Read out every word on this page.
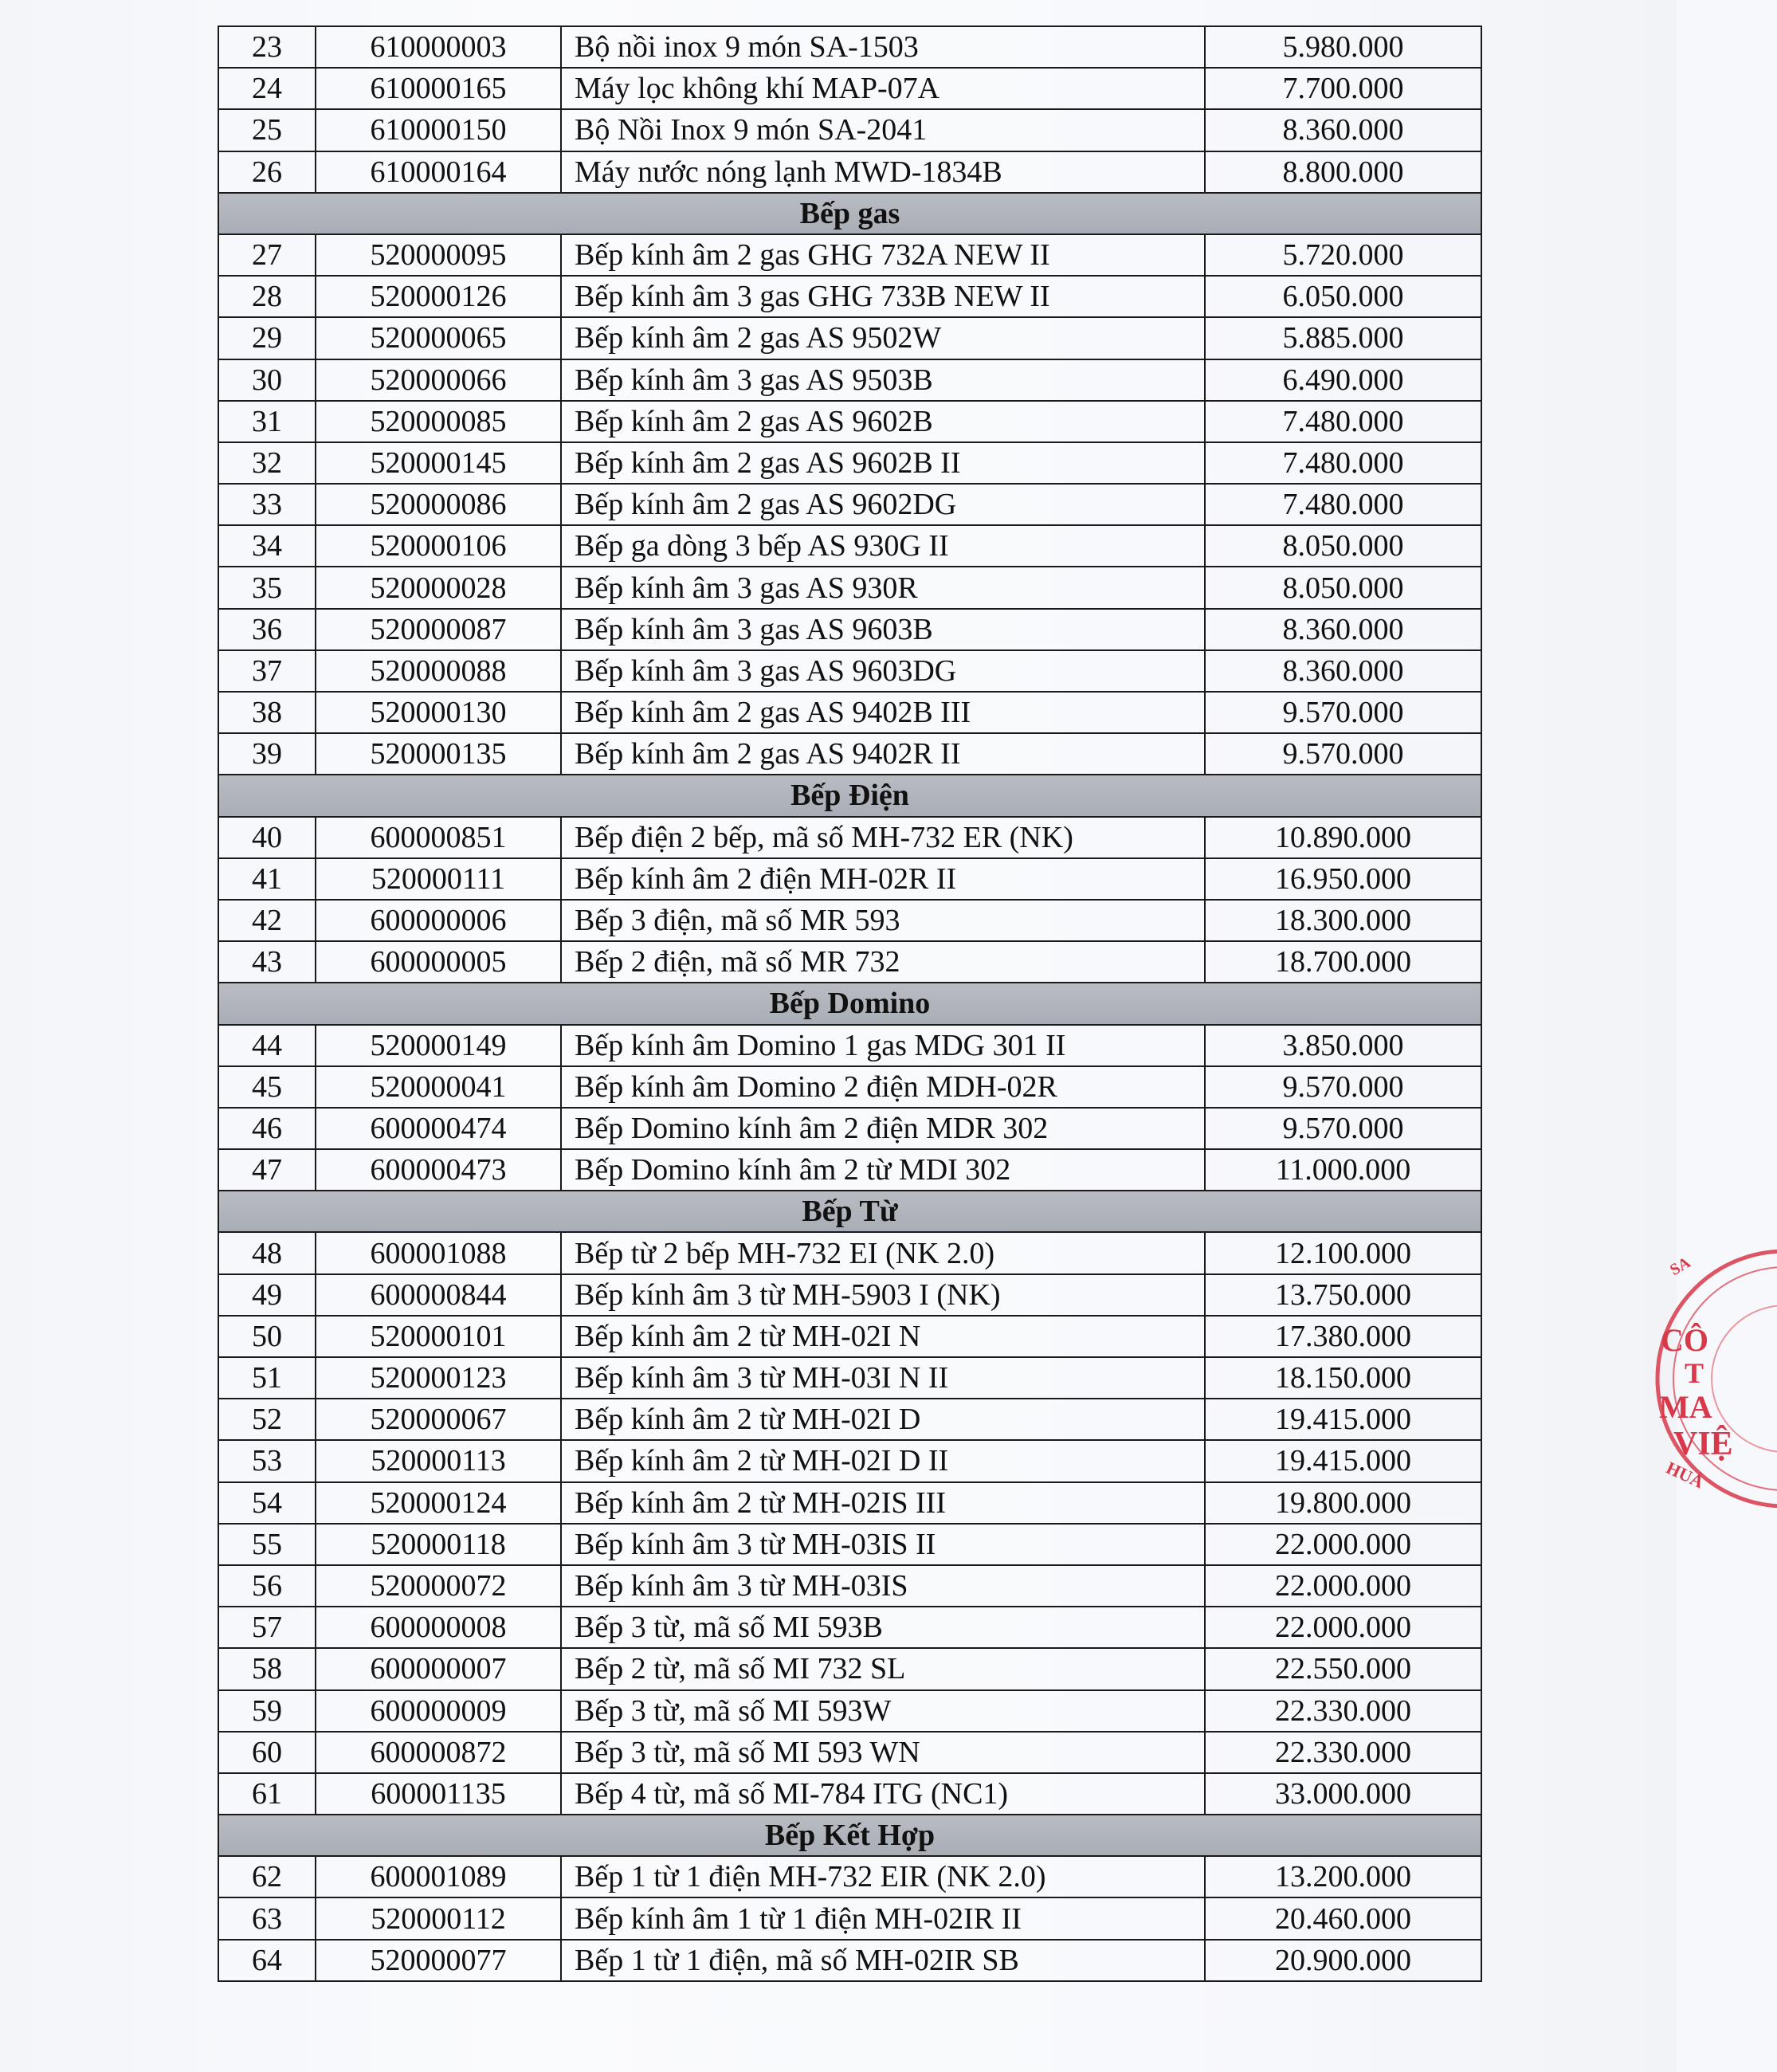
23	610000003	Bộ nồi inox 9 món SA-1503	5.980.000
24	610000165	Máy lọc không khí MAP-07A	7.700.000
25	610000150	Bộ Nồi Inox 9 món SA-2041	8.360.000
26	610000164	Máy nước nóng lạnh MWD-1834B	8.800.000
Bếp gas			
27	520000095	Bếp kính âm 2 gas GHG 732A NEW II	5.720.000
28	520000126	Bếp kính âm 3 gas GHG 733B NEW II	6.050.000
29	520000065	Bếp kính âm 2 gas AS 9502W	5.885.000
30	520000066	Bếp kính âm 3 gas AS 9503B	6.490.000
31	520000085	Bếp kính âm 2 gas AS 9602B	7.480.000
32	520000145	Bếp kính âm 2 gas AS 9602B II	7.480.000
33	520000086	Bếp kính âm 2 gas AS 9602DG	7.480.000
34	520000106	Bếp ga dòng 3 bếp AS 930G II	8.050.000
35	520000028	Bếp kính âm 3 gas AS 930R	8.050.000
36	520000087	Bếp kính âm 3 gas AS 9603B	8.360.000
37	520000088	Bếp kính âm 3 gas AS 9603DG	8.360.000
38	520000130	Bếp kính âm 2 gas AS 9402B III	9.570.000
39	520000135	Bếp kính âm 2 gas AS 9402R II	9.570.000
Bếp Điện			
40	600000851	Bếp điện 2 bếp, mã số MH-732 ER (NK)	10.890.000
41	520000111	Bếp kính âm 2 điện MH-02R II	16.950.000
42	600000006	Bếp 3 điện, mã số MR 593	18.300.000
43	600000005	Bếp 2 điện, mã số MR 732	18.700.000
Bếp Domino			
44	520000149	Bếp kính âm Domino 1 gas MDG 301 II	3.850.000
45	520000041	Bếp kính âm Domino 2 điện MDH-02R	9.570.000
46	600000474	Bếp Domino kính âm 2 điện MDR 302	9.570.000
47	600000473	Bếp Domino kính âm 2 từ MDI 302	11.000.000
Bếp Từ			
48	600001088	Bếp từ 2 bếp MH-732 EI (NK 2.0)	12.100.000
49	600000844	Bếp kính âm 3 từ MH-5903 I (NK)	13.750.000
50	520000101	Bếp kính âm 2 từ MH-02I N	17.380.000
51	520000123	Bếp kính âm 3 từ MH-03I N II	18.150.000
52	520000067	Bếp kính âm 2 từ MH-02I D	19.415.000
53	520000113	Bếp kính âm 2 từ MH-02I D II	19.415.000
54	520000124	Bếp kính âm 2 từ MH-02IS III	19.800.000
55	520000118	Bếp kính âm 3 từ MH-03IS II	22.000.000
56	520000072	Bếp kính âm 3 từ MH-03IS	22.000.000
57	600000008	Bếp 3 từ, mã số MI 593B	22.000.000
58	600000007	Bếp 2 từ, mã số MI 732 SL	22.550.000
59	600000009	Bếp 3 từ, mã số MI 593W	22.330.000
60	600000872	Bếp 3 từ, mã số MI 593 WN	22.330.000
61	600001135	Bếp 4 từ, mã số MI-784 ITG (NC1)	33.000.000
Bếp Kết Hợp			
62	600001089	Bếp 1 từ 1 điện MH-732 EIR (NK 2.0)	13.200.000
63	520000112	Bếp kính âm 1 từ 1 điện MH-02IR II	20.460.000
64	520000077	Bếp 1 từ 1 điện, mã số MH-02IR SB	20.900.000
SA
CÔ
T
MA
VIỆ
HUẢ
